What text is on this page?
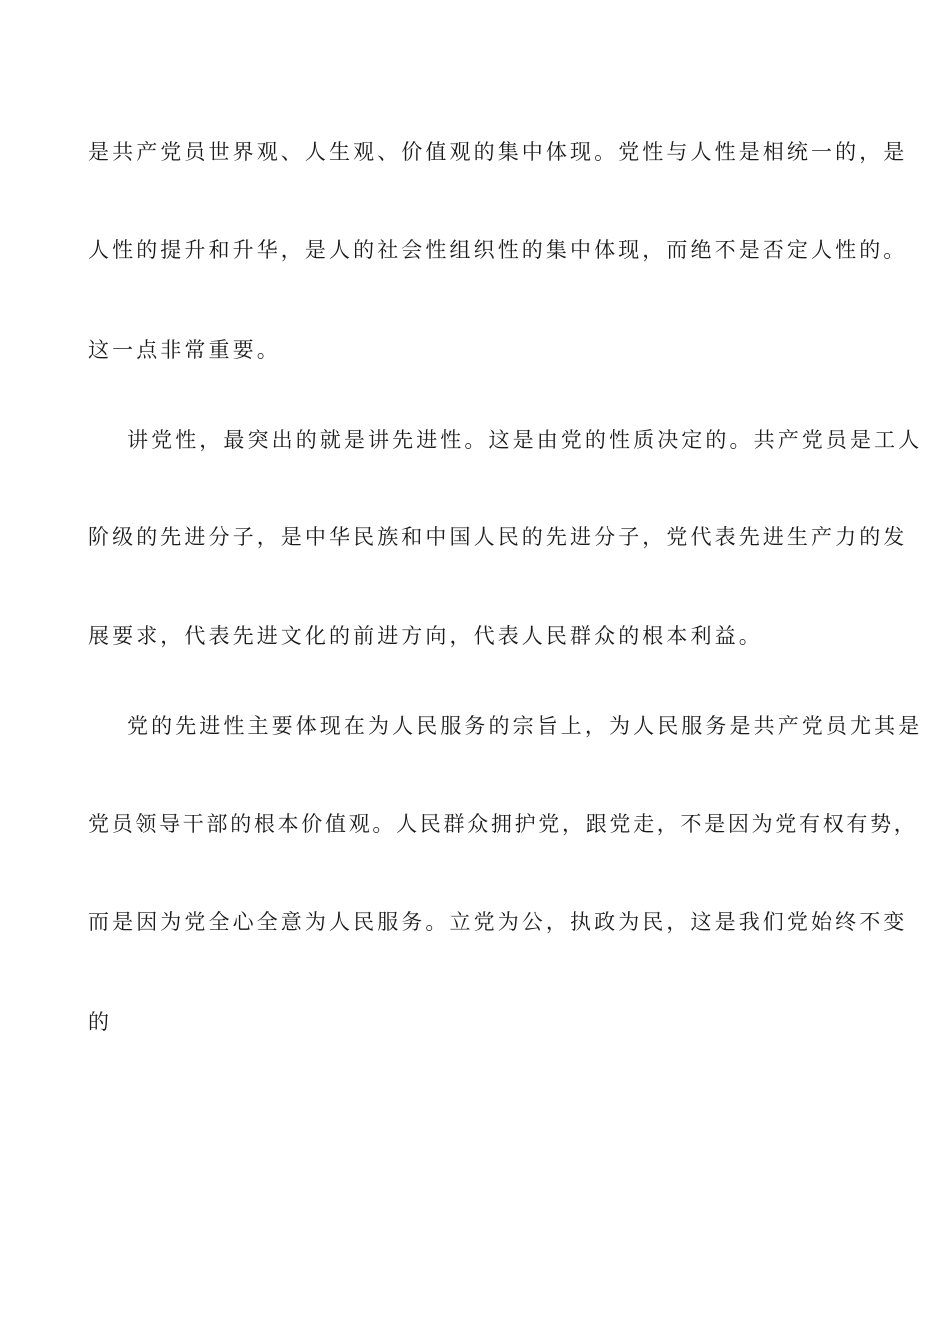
是共产党员世界观、人生观、价值观的集中体现。党性与人性是相统一的，是
人性的提升和升华，是人的社会性组织性的集中体现，而绝不是否定人性的。
这一点非常重要。
讲党性，最突出的就是讲先进性。这是由党的性质决定的。共产党员是工人
阶级的先进分子，是中华民族和中国人民的先进分子，党代表先进生产力的发
展要求，代表先进文化的前进方向，代表人民群众的根本利益。
党的先进性主要体现在为人民服务的宗旨上，为人民服务是共产党员尤其是
党员领导干部的根本价值观。人民群众拥护党，跟党走，不是因为党有权有势，
而是因为党全心全意为人民服务。立党为公，执政为民，这是我们党始终不变
的
